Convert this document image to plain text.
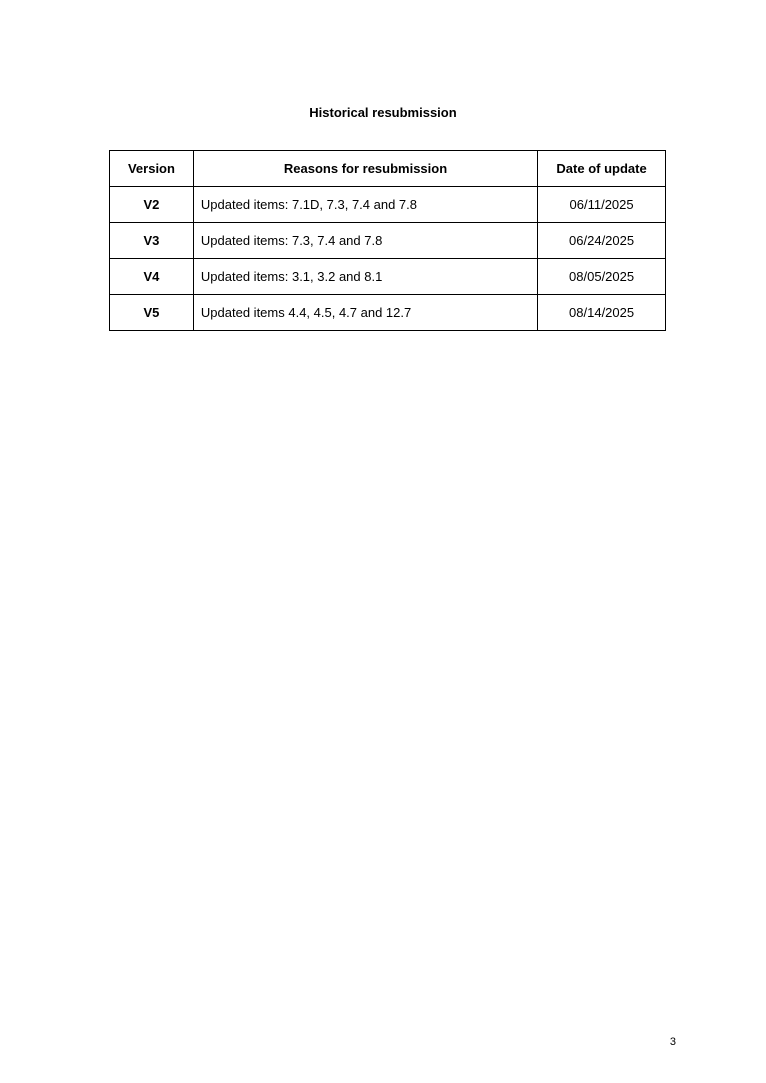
Historical resubmission
Version	Reasons for resubmission	Date of update
V2	Updated items: 7.1D, 7.3, 7.4 and 7.8	06/11/2025
V3	Updated items: 7.3, 7.4 and 7.8	06/24/2025
V4	Updated items: 3.1, 3.2 and 8.1	08/05/2025
V5	Updated items 4.4, 4.5, 4.7 and 12.7	08/14/2025
3
